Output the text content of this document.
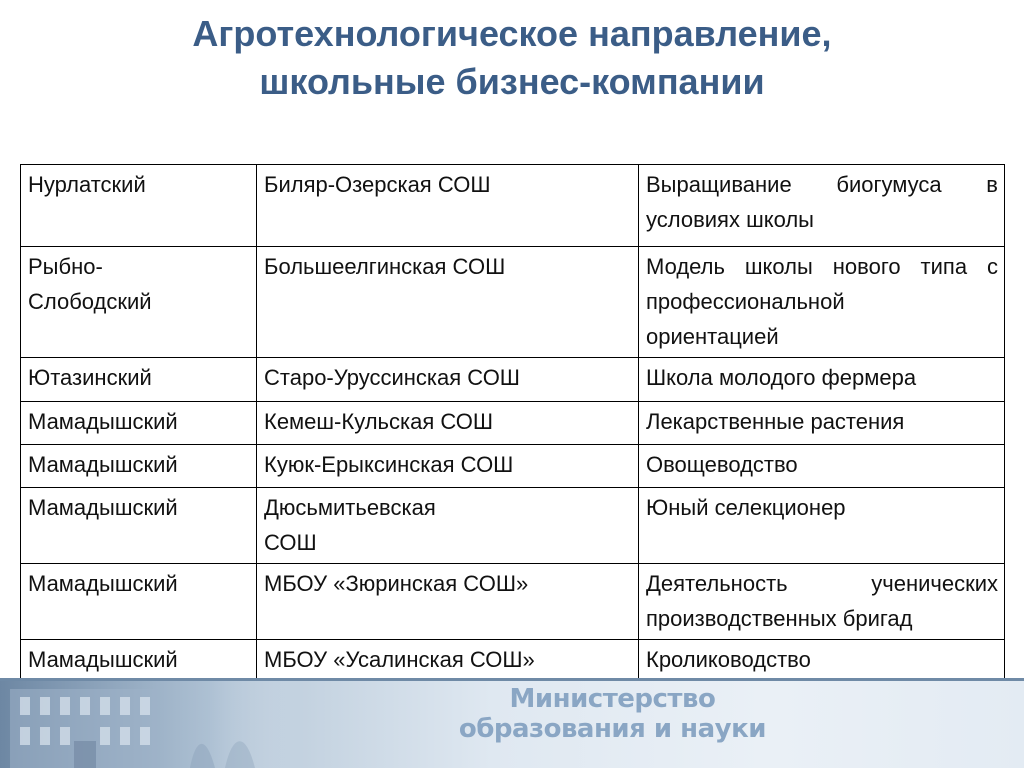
Агротехнологическое направление,
школьные бизнес-компании
Нурлатский	Биляр-Озерская СОШ	Выращивание биогумуса в
условиях школы

Рыбно-
Слободский	Большеелгинская СОШ	Модель школы нового типа с
профессиональной
ориентацией

Ютазинский	Старо-Уруссинская СОШ	Школа молодого фермера

Мамадышский	Кемеш-Кульская СОШ	Лекарственные растения

Мамадышский	Куюк-Ерыксинская СОШ	Овощеводство

Мамадышский	Дюсьмитьевская
СОШ	Юный селекционер

Мамадышский	МБОУ «Зюринская СОШ»	Деятельность ученических
производственных бригад

Мамадышский	МБОУ «Усалинская СОШ»	Кролиководство
Министерство
образования и науки
